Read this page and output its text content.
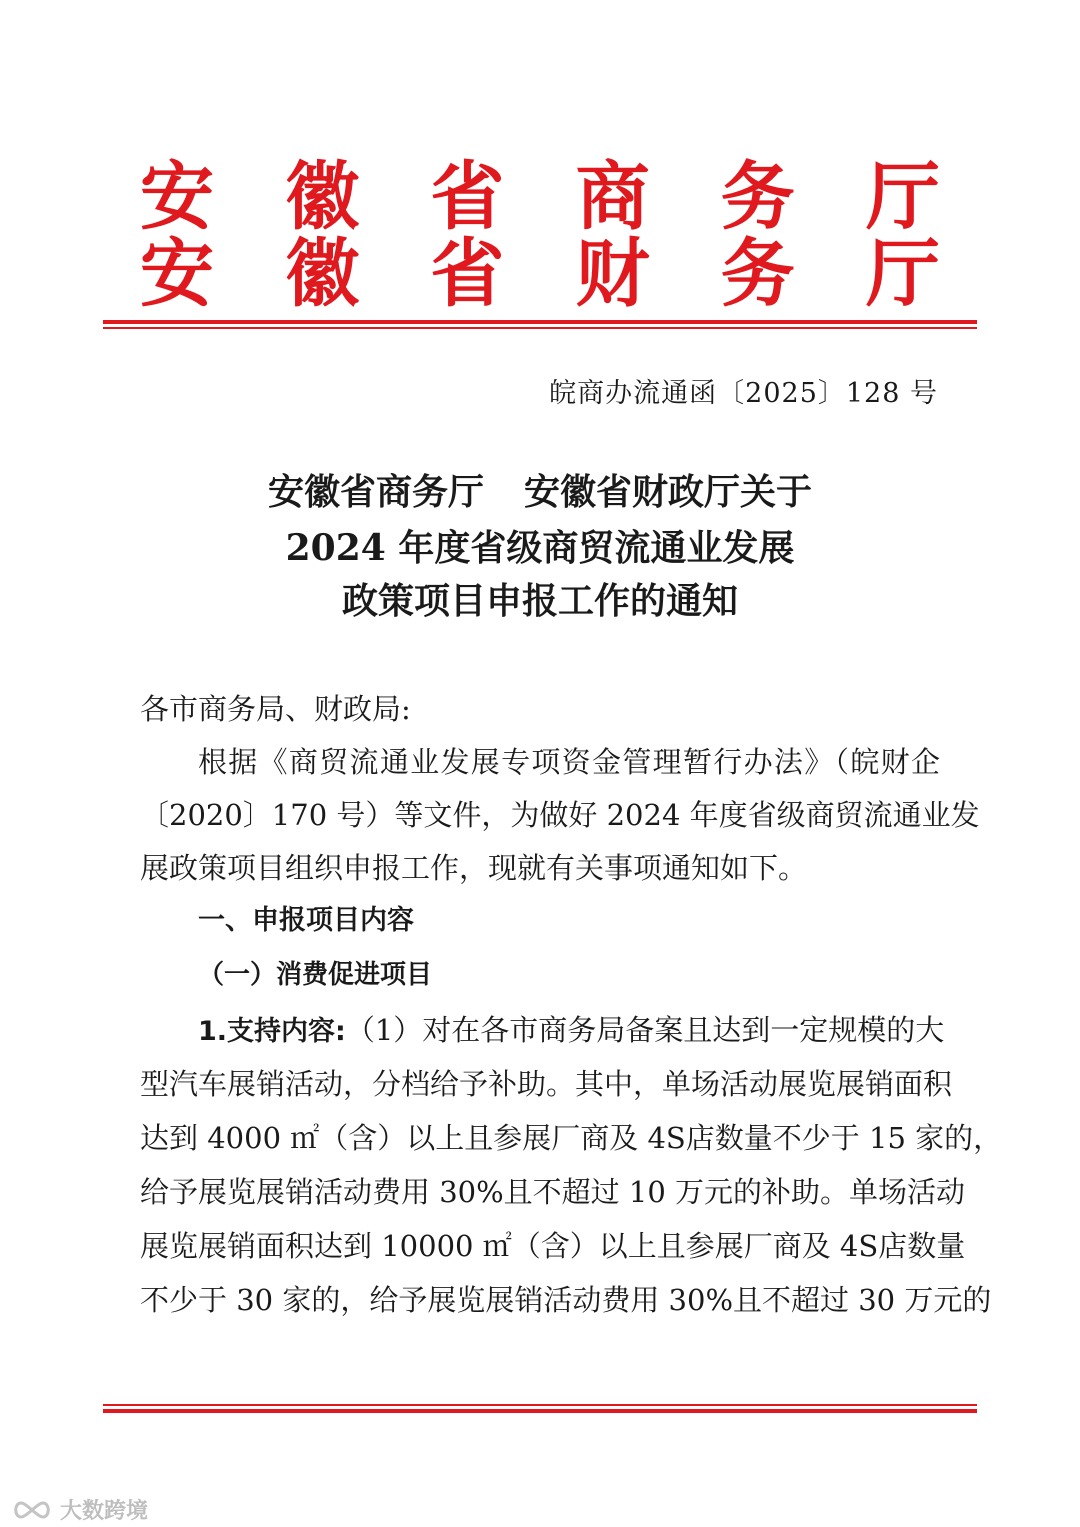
安 徽 省 商 务 厅
安 徽 省 财 务 厅
皖商办流通函〔2025〕128 号
安徽省商务厅 安徽省财政厅关于
2024 年度省级商贸流通业发展
政策项目申报工作的通知
各市商务局、财政局:
根据《商贸流通业发展专项资金管理暂行办法》（皖财企
〔2020〕170 号）等文件，为做好 2024 年度省级商贸流通业发
展政策项目组织申报工作，现就有关事项通知如下。
一、申报项目内容
（一）消费促进项目
1.支持内容:（1）对在各市商务局备案且达到一定规模的大
型汽车展销活动，分档给予补助。其中，单场活动展览展销面积
达到 4000 ㎡（含）以上且参展厂商及 4S店数量不少于 15 家的，
给予展览展销活动费用 30%且不超过 10 万元的补助。单场活动
展览展销面积达到 10000 ㎡（含）以上且参展厂商及 4S店数量
不少于 30 家的，给予展览展销活动费用 30%且不超过 30 万元的
大数跨境
